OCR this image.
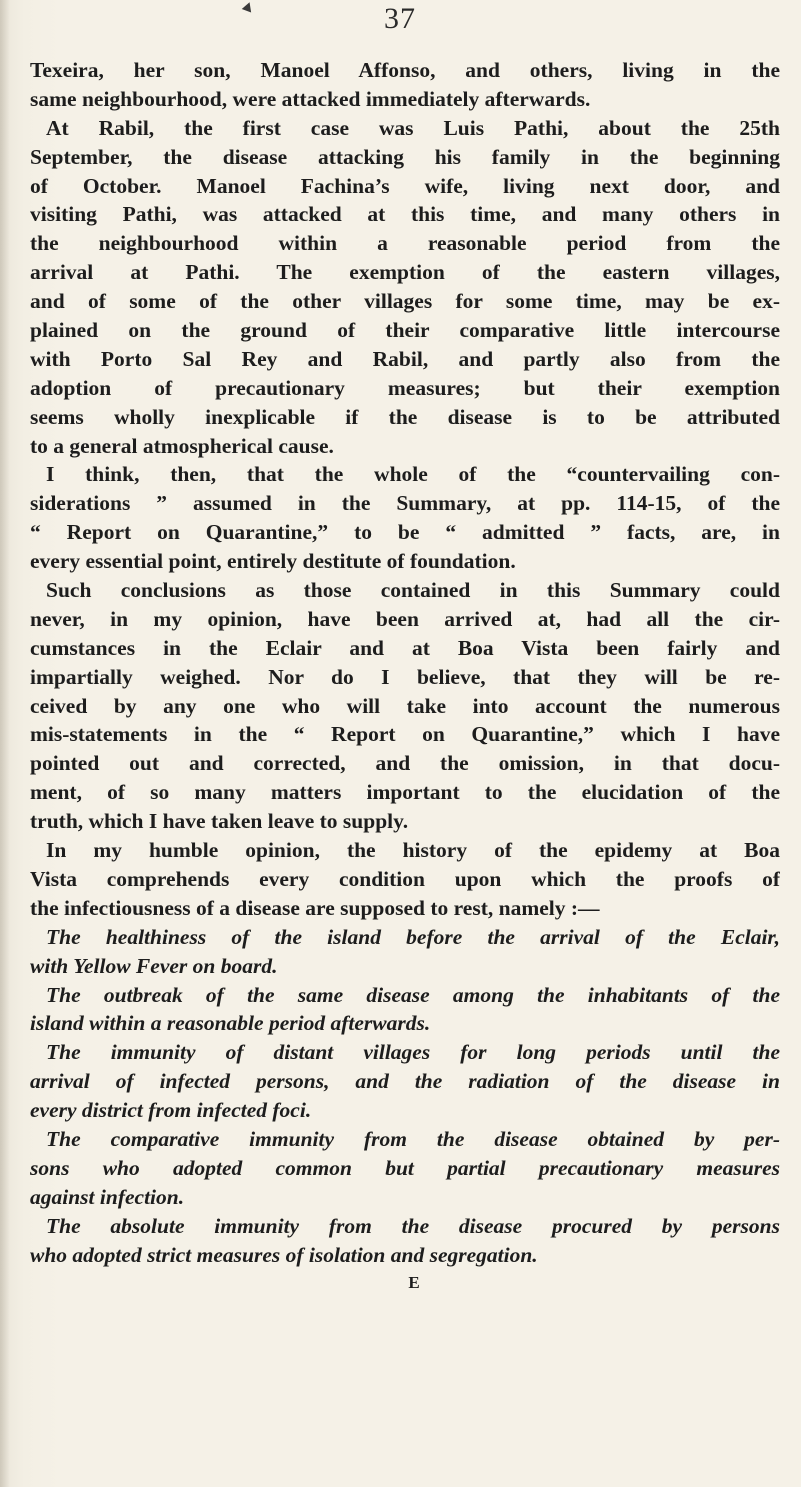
37
Texeira, her son, Manoel Affonso, and others, living in the
same neighbourhood, were attacked immediately afterwards.
At Rabil, the first case was Luis Pathi, about the 25th
September, the disease attacking his family in the beginning
of October. Manoel Fachina’s wife, living next door, and
visiting Pathi, was attacked at this time, and many others in
the neighbourhood within a reasonable period from the
arrival at Pathi. The exemption of the eastern villages,
and of some of the other villages for some time, may be ex-
plained on the ground of their comparative little intercourse
with Porto Sal Rey and Rabil, and partly also from the
adoption of precautionary measures; but their exemption
seems wholly inexplicable if the disease is to be attributed
to a general atmospherical cause.
I think, then, that the whole of the “countervailing con-
siderations ” assumed in the Summary, at pp. 114-15, of the
“ Report on Quarantine,” to be “ admitted ” facts, are, in
every essential point, entirely destitute of foundation.
Such conclusions as those contained in this Summary could
never, in my opinion, have been arrived at, had all the cir-
cumstances in the Eclair and at Boa Vista been fairly and
impartially weighed. Nor do I believe, that they will be re-
ceived by any one who will take into account the numerous
mis-statements in the “ Report on Quarantine,” which I have
pointed out and corrected, and the omission, in that docu-
ment, of so many matters important to the elucidation of the
truth, which I have taken leave to supply.
In my humble opinion, the history of the epidemy at Boa
Vista comprehends every condition upon which the proofs of
the infectiousness of a disease are supposed to rest, namely :—
The healthiness of the island before the arrival of the Eclair,
with Yellow Fever on board.
The outbreak of the same disease among the inhabitants of the
island within a reasonable period afterwards.
The immunity of distant villages for long periods until the
arrival of infected persons, and the radiation of the disease in
every district from infected foci.
The comparative immunity from the disease obtained by per-
sons who adopted common but partial precautionary measures
against infection.
The absolute immunity from the disease procured by persons
who adopted strict measures of isolation and segregation.
E
